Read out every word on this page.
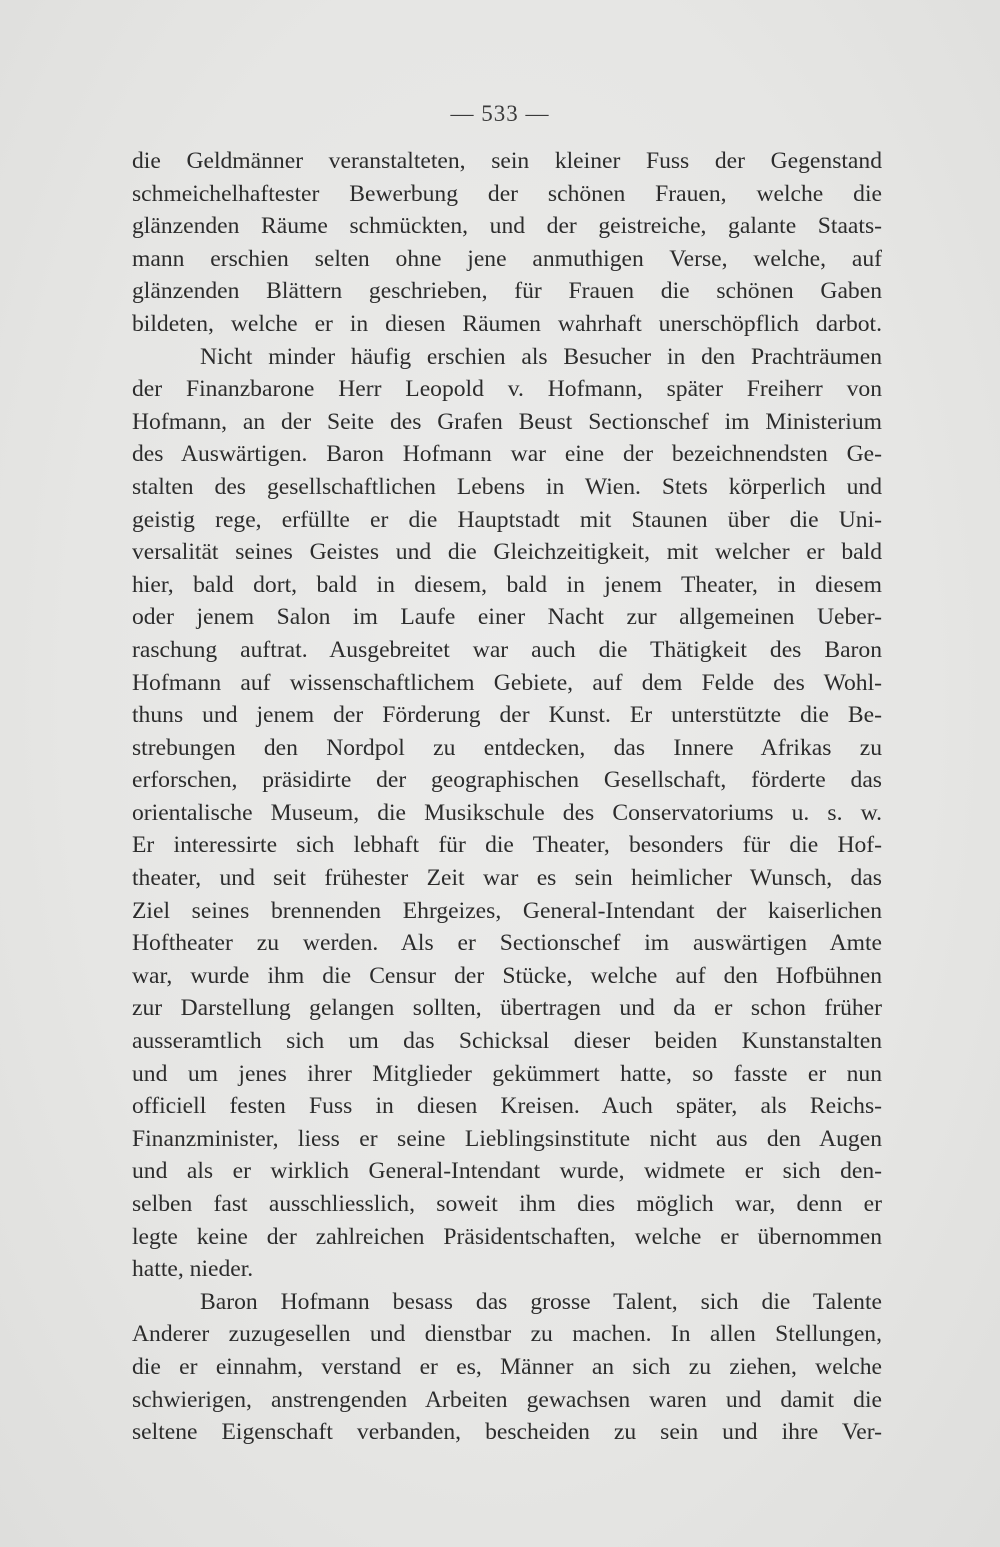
— 533 —
die Geldmänner veranstalteten, sein kleiner Fuss der Gegenstand
schmeichelhaftester Bewerbung der schönen Frauen, welche die
glänzenden Räume schmückten, und der geistreiche, galante Staats-
mann erschien selten ohne jene anmuthigen Verse, welche, auf
glänzenden Blättern geschrieben, für Frauen die schönen Gaben
bildeten, welche er in diesen Räumen wahrhaft unerschöpflich darbot.
Nicht minder häufig erschien als Besucher in den Prachträumen
der Finanzbarone Herr Leopold v. Hofmann, später Freiherr von
Hofmann, an der Seite des Grafen Beust Sectionschef im Ministerium
des Auswärtigen. Baron Hofmann war eine der bezeichnendsten Ge-
stalten des gesellschaftlichen Lebens in Wien. Stets körperlich und
geistig rege, erfüllte er die Hauptstadt mit Staunen über die Uni-
versalität seines Geistes und die Gleichzeitigkeit, mit welcher er bald
hier, bald dort, bald in diesem, bald in jenem Theater, in diesem
oder jenem Salon im Laufe einer Nacht zur allgemeinen Ueber-
raschung auftrat. Ausgebreitet war auch die Thätigkeit des Baron
Hofmann auf wissenschaftlichem Gebiete, auf dem Felde des Wohl-
thuns und jenem der Förderung der Kunst. Er unterstützte die Be-
strebungen den Nordpol zu entdecken, das Innere Afrikas zu
erforschen, präsidirte der geographischen Gesellschaft, förderte das
orientalische Museum, die Musikschule des Conservatoriums u. s. w.
Er interessirte sich lebhaft für die Theater, besonders für die Hof-
theater, und seit frühester Zeit war es sein heimlicher Wunsch, das
Ziel seines brennenden Ehrgeizes, General-Intendant der kaiserlichen
Hoftheater zu werden. Als er Sectionschef im auswärtigen Amte
war, wurde ihm die Censur der Stücke, welche auf den Hofbühnen
zur Darstellung gelangen sollten, übertragen und da er schon früher
ausseramtlich sich um das Schicksal dieser beiden Kunstanstalten
und um jenes ihrer Mitglieder gekümmert hatte, so fasste er nun
officiell festen Fuss in diesen Kreisen. Auch später, als Reichs-
Finanzminister, liess er seine Lieblingsinstitute nicht aus den Augen
und als er wirklich General-Intendant wurde, widmete er sich den-
selben fast ausschliesslich, soweit ihm dies möglich war, denn er
legte keine der zahlreichen Präsidentschaften, welche er übernommen
hatte, nieder.
Baron Hofmann besass das grosse Talent, sich die Talente
Anderer zuzugesellen und dienstbar zu machen. In allen Stellungen,
die er einnahm, verstand er es, Männer an sich zu ziehen, welche
schwierigen, anstrengenden Arbeiten gewachsen waren und damit die
seltene Eigenschaft verbanden, bescheiden zu sein und ihre Ver-
